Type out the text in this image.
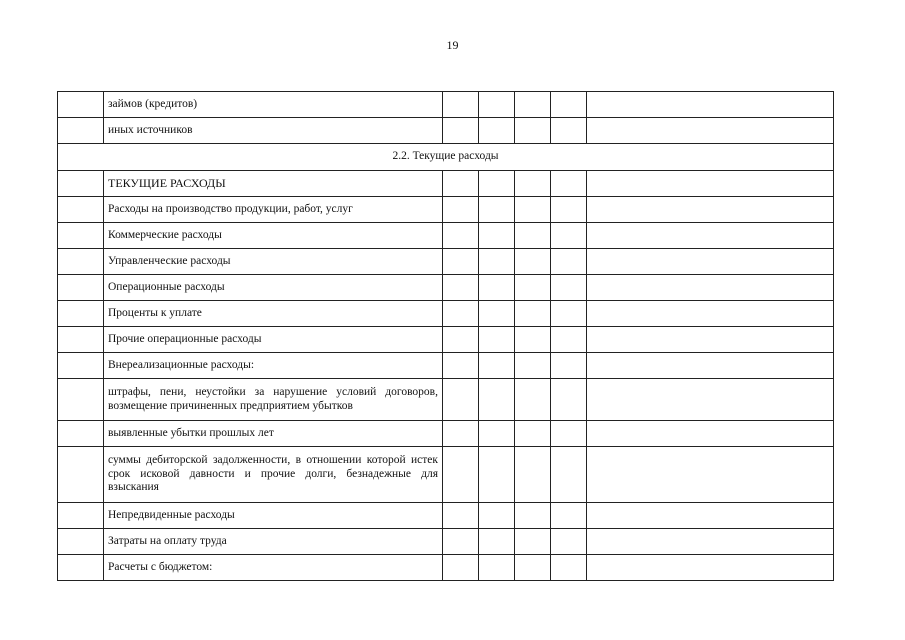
19
	займов (кредитов)					
	иных источников					
2.2. Текущие расходы						
	ТЕКУЩИЕ РАСХОДЫ					
	Расходы на производство продукции, работ, услуг					
	Коммерческие расходы					
	Управленческие расходы					
	Операционные расходы					
	Проценты к уплате					
	Прочие операционные расходы					
	Внереализационные расходы:					
	штрафы, пени, неустойки за нарушение условий договоров, возмещение причиненных предприятием убытков					
	выявленные убытки прошлых лет					
	суммы дебиторской задолженности, в отношении которой истек срок исковой давности и прочие долги, безнадежные для взыскания					
	Непредвиденные расходы					
	Затраты на оплату труда					
	Расчеты с бюджетом:					
